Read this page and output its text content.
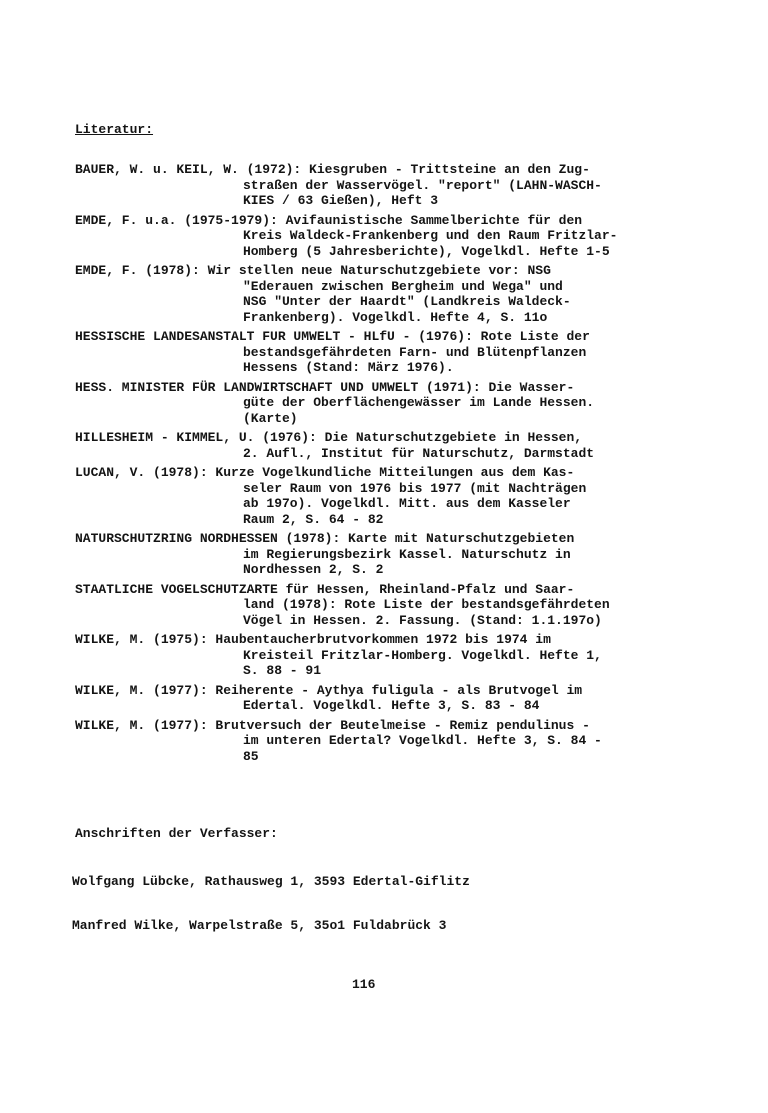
Literatur:
BAUER, W. u. KEIL, W. (1972): Kiesgruben - Trittsteine an den Zug-
straßen der Wasservögel. "report" (LAHN-WASCH-
KIES / 63 Gießen), Heft 3
EMDE, F. u.a. (1975-1979): Avifaunistische Sammelberichte für den
Kreis Waldeck-Frankenberg und den Raum Fritzlar-
Homberg (5 Jahresberichte), Vogelkdl. Hefte 1-5
EMDE, F. (1978): Wir stellen neue Naturschutzgebiete vor: NSG
"Ederauen zwischen Bergheim und Wega" und
NSG "Unter der Haardt" (Landkreis Waldeck-
Frankenberg). Vogelkdl. Hefte 4, S. 11o
HESSISCHE LANDESANSTALT FUR UMWELT - HLfU - (1976): Rote Liste der
bestandsgefährdeten Farn- und Blütenpflanzen
Hessens (Stand: März 1976).
HESS. MINISTER FÜR LANDWIRTSCHAFT UND UMWELT (1971): Die Wasser-
güte der Oberflächengewässer im Lande Hessen.
(Karte)
HILLESHEIM - KIMMEL, U. (1976): Die Naturschutzgebiete in Hessen,
2. Aufl., Institut für Naturschutz, Darmstadt
LUCAN, V. (1978): Kurze Vogelkundliche Mitteilungen aus dem Kas-
seler Raum von 1976 bis 1977 (mit Nachträgen
ab 197o). Vogelkdl. Mitt. aus dem Kasseler
Raum 2, S. 64 - 82
NATURSCHUTZRING NORDHESSEN (1978): Karte mit Naturschutzgebieten
im Regierungsbezirk Kassel. Naturschutz in
Nordhessen 2, S. 2
STAATLICHE VOGELSCHUTZARTE für Hessen, Rheinland-Pfalz und Saar-
land (1978): Rote Liste der bestandsgefährdeten
Vögel in Hessen. 2. Fassung. (Stand: 1.1.197o)
WILKE, M. (1975): Haubentaucherbrutvorkommen 1972 bis 1974 im
Kreisteil Fritzlar-Homberg. Vogelkdl. Hefte 1,
S. 88 - 91
WILKE, M. (1977): Reiherente - Aythya fuligula - als Brutvogel im
Edertal. Vogelkdl. Hefte 3, S. 83 - 84
WILKE, M. (1977): Brutversuch der Beutelmeise - Remiz pendulinus -
im unteren Edertal? Vogelkdl. Hefte 3, S. 84 -
85
Anschriften der Verfasser:
Wolfgang Lübcke, Rathausweg 1, 3593 Edertal-Giflitz
Manfred Wilke, Warpelstraße 5, 35o1 Fuldabrück 3
116
